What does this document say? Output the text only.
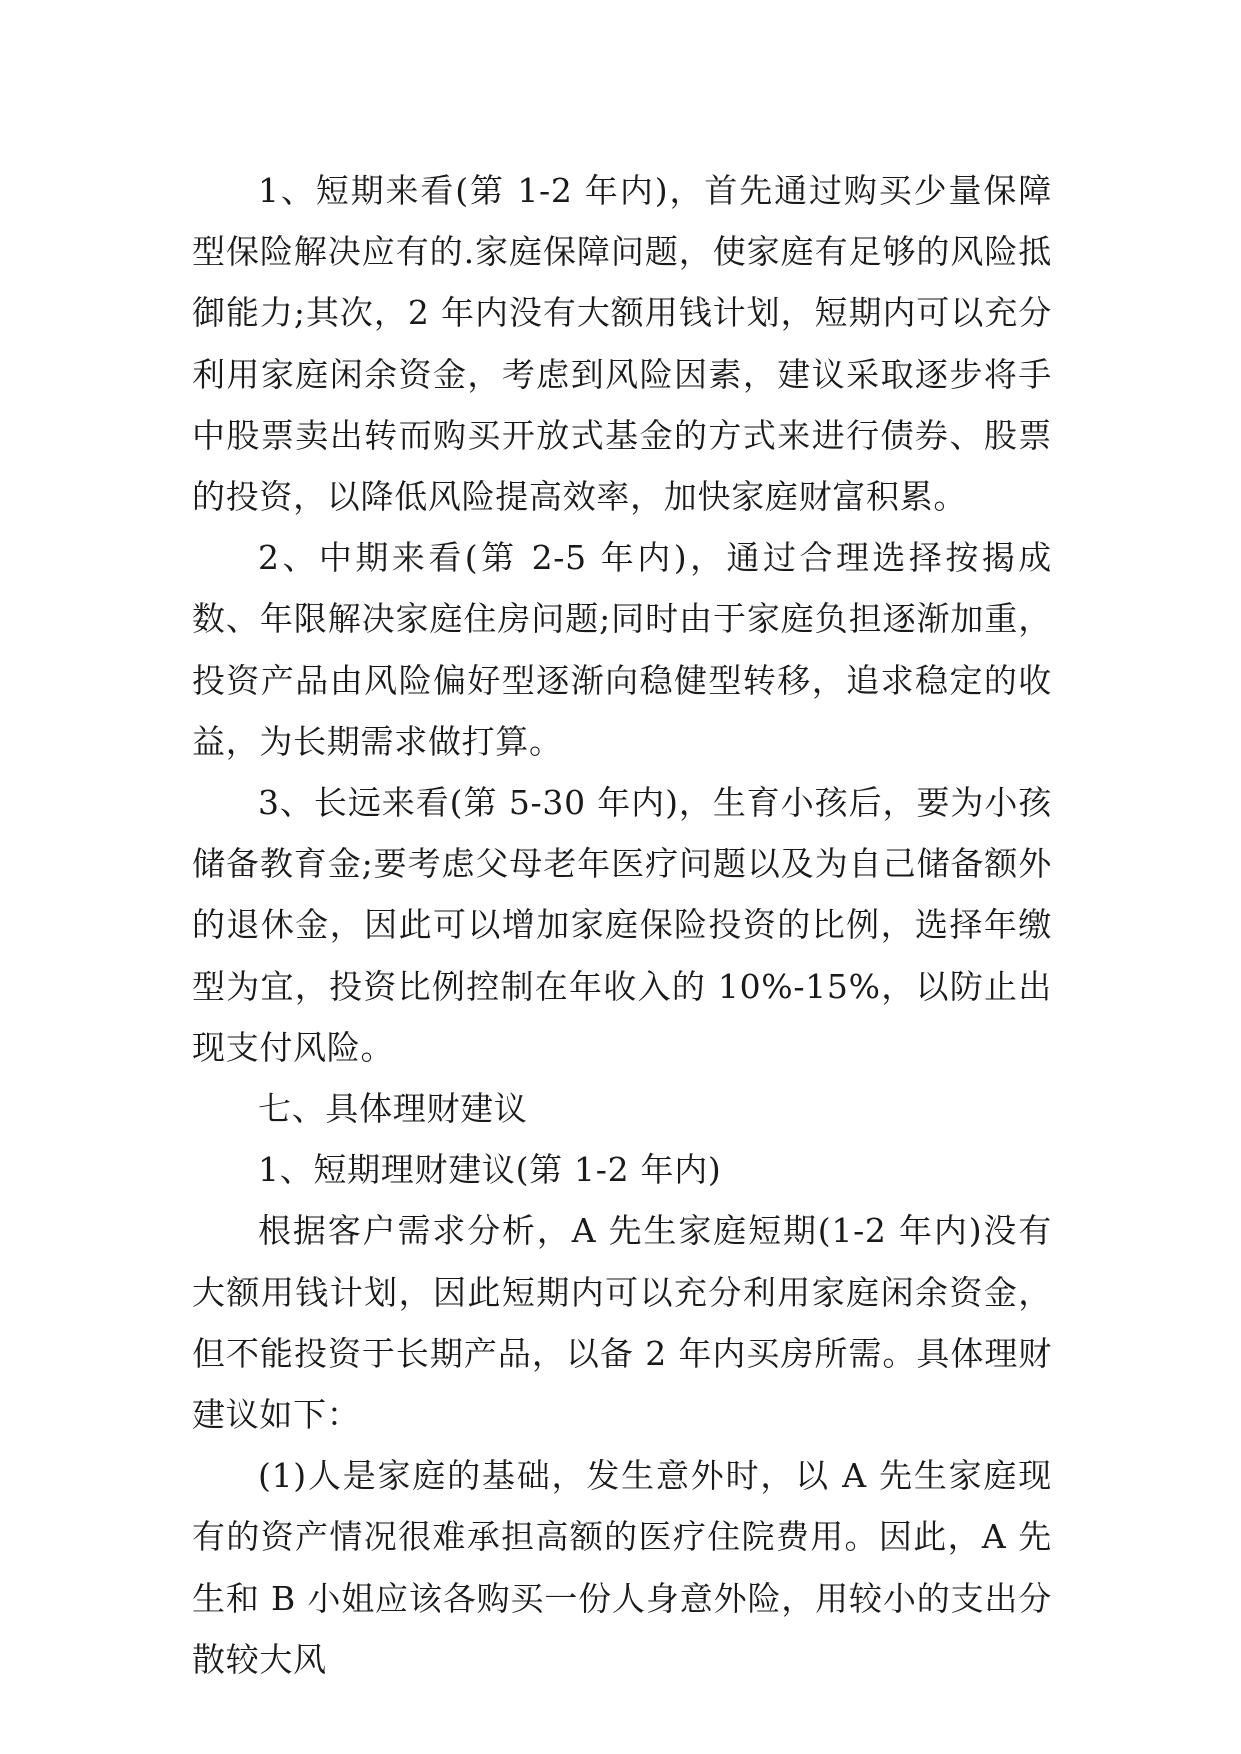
1、短期来看(第 1-2 年内)，首先通过购买少量保障型保险解决应有的.家庭保障问题，使家庭有足够的风险抵御能力;其次，2 年内没有大额用钱计划，短期内可以充分利用家庭闲余资金，考虑到风险因素，建议采取逐步将手中股票卖出转而购买开放式基金的方式来进行债券、股票的投资，以降低风险提高效率，加快家庭财富积累。

2、中期来看(第 2-5 年内)，通过合理选择按揭成数、年限解决家庭住房问题;同时由于家庭负担逐渐加重，投资产品由风险偏好型逐渐向稳健型转移，追求稳定的收益，为长期需求做打算。

3、长远来看(第 5-30 年内)，生育小孩后，要为小孩储备教育金;要考虑父母老年医疗问题以及为自己储备额外的退休金，因此可以增加家庭保险投资的比例，选择年缴型为宜，投资比例控制在年收入的 10%-15%，以防止出现支付风险。

七、具体理财建议

1、短期理财建议(第 1-2 年内)

根据客户需求分析，A 先生家庭短期(1-2 年内)没有大额用钱计划，因此短期内可以充分利用家庭闲余资金，但不能投资于长期产品，以备 2 年内买房所需。具体理财建议如下：

(1)人是家庭的基础，发生意外时，以 A 先生家庭现有的资产情况很难承担高额的医疗住院费用。因此，A 先生和 B 小姐应该各购买一份人身意外险，用较小的支出分散较大风
